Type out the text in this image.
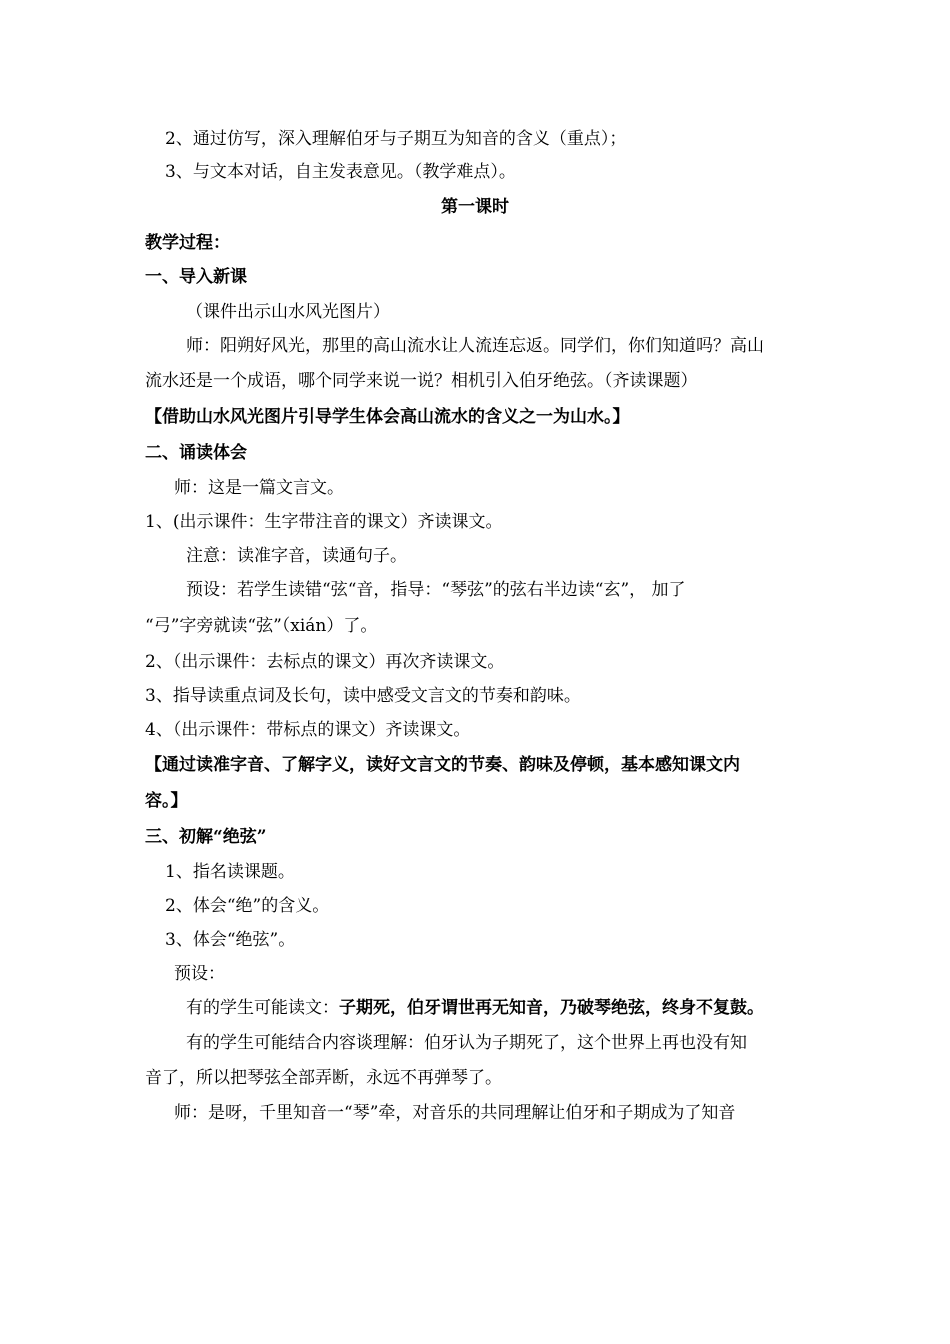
2、通过仿写，深入理解伯牙与子期互为知音的含义（重点）；
3、与文本对话，自主发表意见。（教学难点）。
第一课时
教学过程：
一、导入新课
（课件出示山水风光图片）
师：阳朔好风光，那里的高山流水让人流连忘返。同学们，你们知道吗？高山
流水还是一个成语，哪个同学来说一说？相机引入伯牙绝弦。（齐读课题）
【借助山水风光图片引导学生体会高山流水的含义之一为山水。】
二、诵读体会
师：这是一篇文言文。
1、(出示课件：生字带注音的课文）齐读课文。
注意：读准字音，读通句子。
预设：若学生读错“弦“音，指导：“琴弦”的弦右半边读“玄”， 加了
“弓”字旁就读“弦”（xián）了。
2、（出示课件：去标点的课文）再次齐读课文。
3、指导读重点词及长句，读中感受文言文的节奏和韵味。
4、（出示课件：带标点的课文）齐读课文。
【通过读准字音、了解字义，读好文言文的节奏、韵味及停顿，基本感知课文内
容。】
三、初解“绝弦”
1、指名读课题。
2、体会“绝”的含义。
3、体会“绝弦”。
预设：
有的学生可能读文：子期死，伯牙谓世再无知音，乃破琴绝弦，终身不复鼓。
有的学生可能结合内容谈理解：伯牙认为子期死了，这个世界上再也没有知
音了，所以把琴弦全部弄断，永远不再弹琴了。
师：是呀，千里知音一“琴”牵，对音乐的共同理解让伯牙和子期成为了知音
